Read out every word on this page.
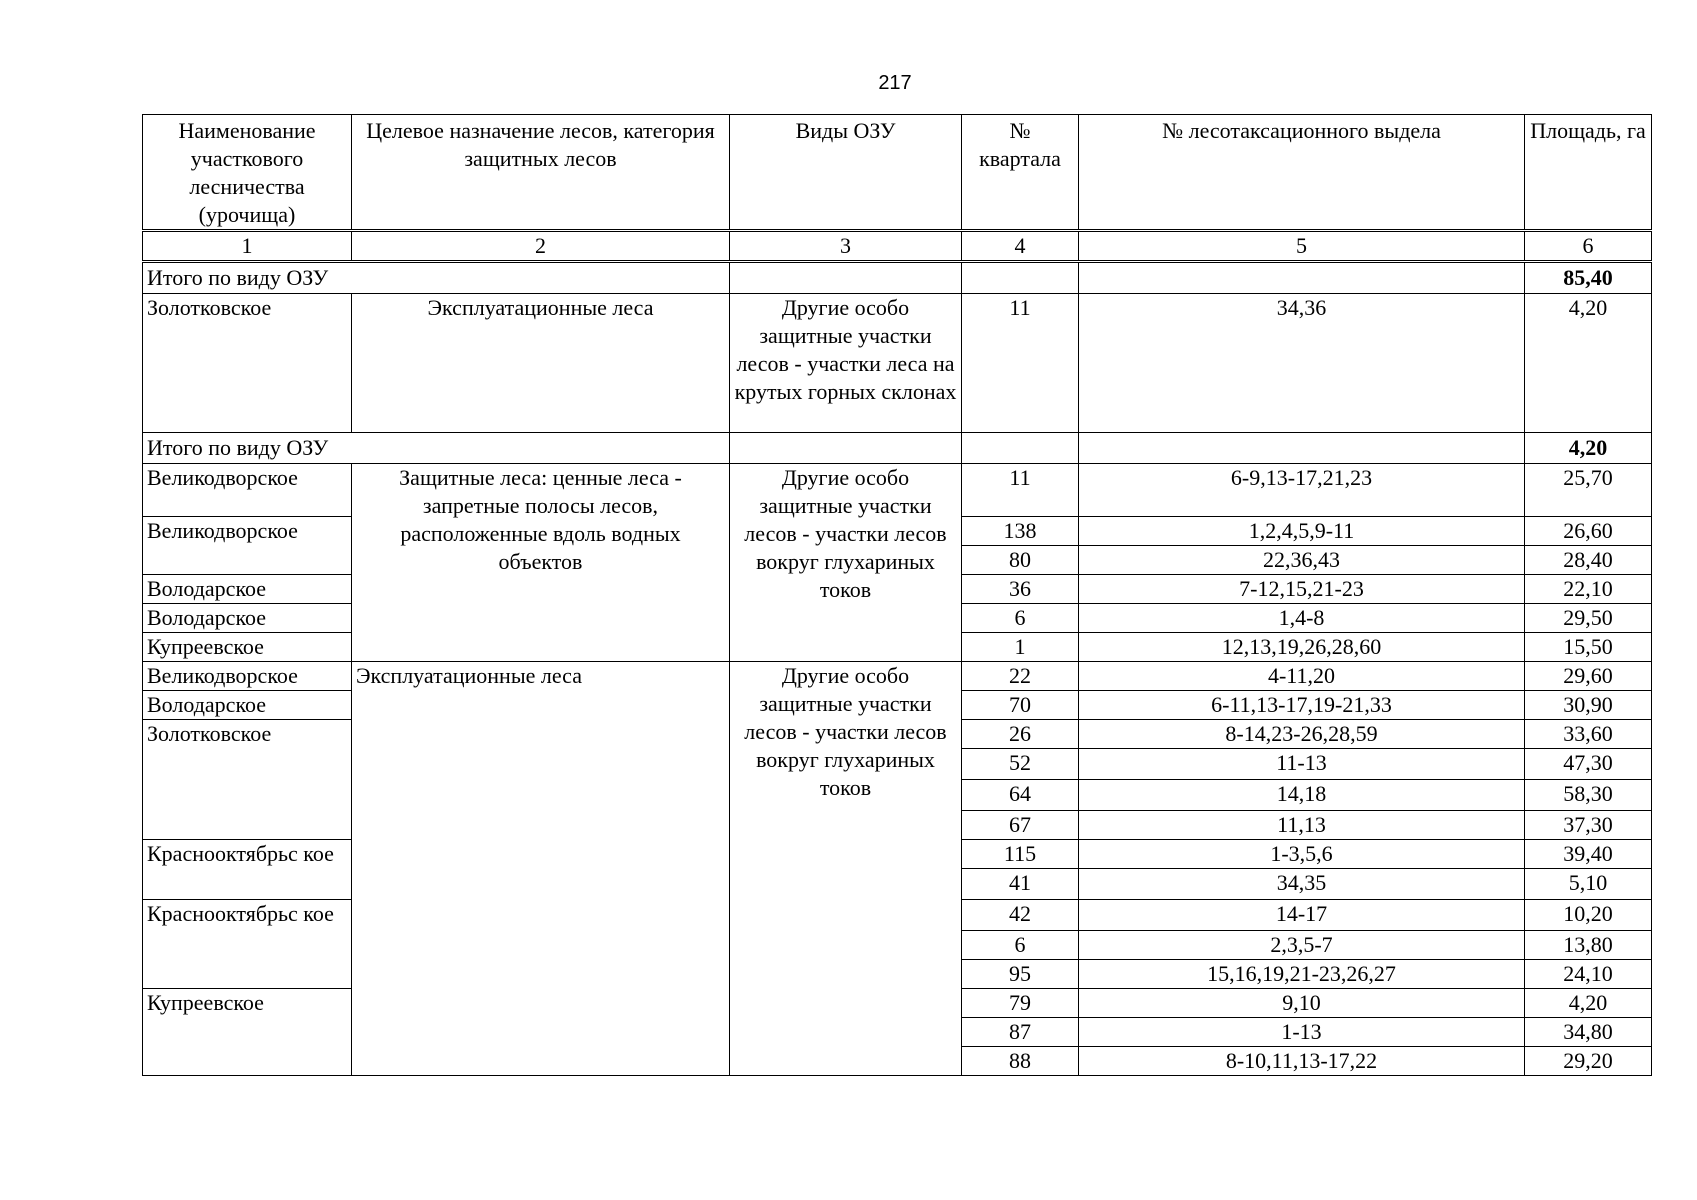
217
Наименование участкового лесничества (урочища)	Целевое назначение лесов, категория защитных лесов	Виды ОЗУ	№ квартала	№ лесотаксационного выдела	Площадь, га
1	2	3	4	5	6
Итого по виду ОЗУ					85,40
Золотковское	Эксплуатационные леса	Другие особо защитные участки лесов - участки леса на крутых горных склонах	11	34,36	4,20
Итого по виду ОЗУ					4,20
Великодворское	Защитные леса: ценные леса - запретные полосы лесов, расположенные вдоль водных объектов	Другие особо защитные участки лесов - участки лесов вокруг глухариных токов	11	6-9,13-17,21,23	25,70
Великодворское			138	1,2,4,5,9-11	26,60
			80	22,36,43	28,40
Володарское			36	7-12,15,21-23	22,10
Володарское			6	1,4-8	29,50
Купреевское			1	12,13,19,26,28,60	15,50
Великодворское	Эксплуатационные леса	Другие особо защитные участки лесов - участки лесов вокруг глухариных токов	22	4-11,20	29,60
Володарское			70	6-11,13-17,19-21,33	30,90
Золотковское			26	8-14,23-26,28,59	33,60
			52	11-13	47,30
			64	14,18	58,30
			67	11,13	37,30
Краснооктябрьс кое			115	1-3,5,6	39,40
			41	34,35	5,10
Краснооктябрьс кое			42	14-17	10,20
			6	2,3,5-7	13,80
			95	15,16,19,21-23,26,27	24,10
Купреевское			79	9,10	4,20
			87	1-13	34,80
			88	8-10,11,13-17,22	29,20
